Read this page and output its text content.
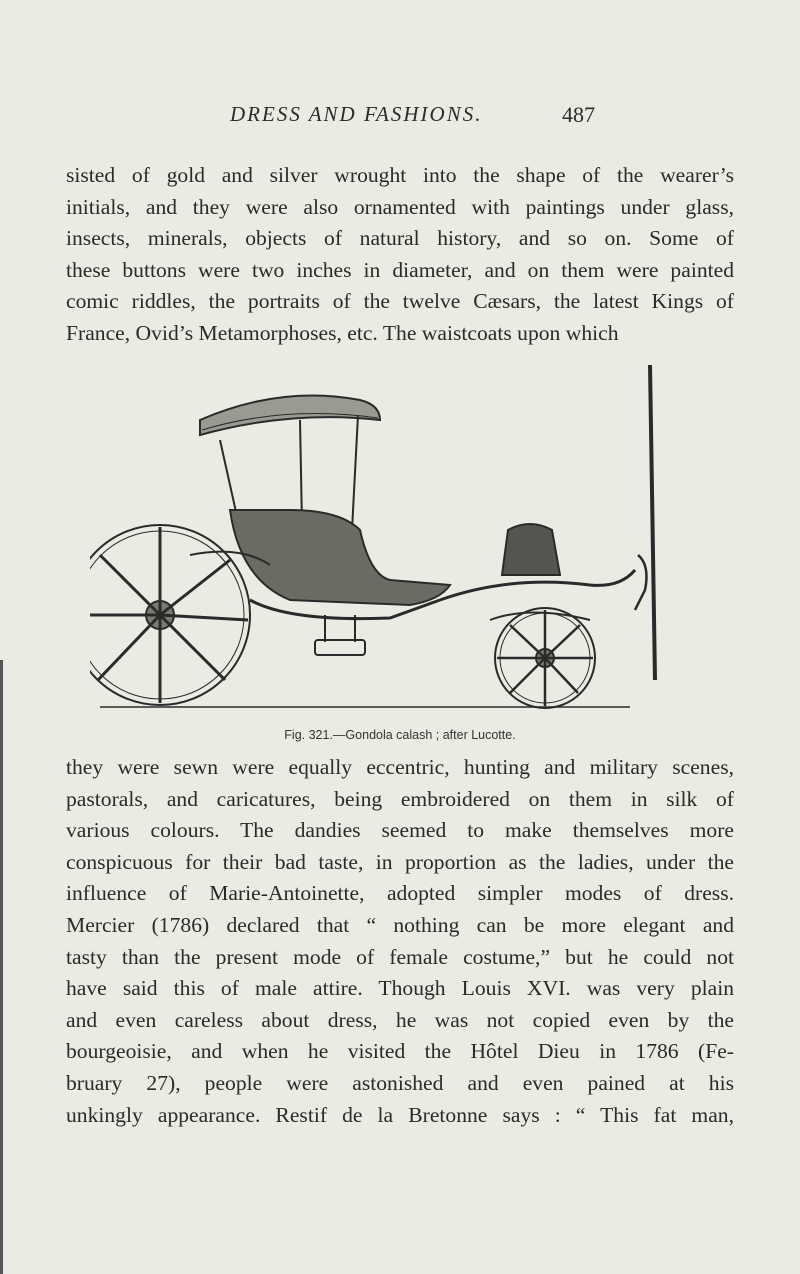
DRESS AND FASHIONS.	487

sisted of gold and silver wrought into the shape of the wearer’s
initials, and they were also ornamented with paintings under glass,
insects, minerals, objects of natural history, and so on. Some of
these buttons were two inches in diameter, and on them were painted
comic riddles, the portraits of the twelve Cæsars, the latest Kings of
France, Ovid’s Metamorphoses, etc. The waistcoats upon which

Fig. 321.—Gondola calash ; after Lucotte.

they were sewn were equally eccentric, hunting and military scenes,
pastorals, and caricatures, being embroidered on them in silk of
various colours. The dandies seemed to make themselves more
conspicuous for their bad taste, in proportion as the ladies, under the
influence of Marie-Antoinette, adopted simpler modes of dress.
Mercier (1786) declared that “ nothing can be more elegant and
tasty than the present mode of female costume,” but he could not
have said this of male attire. Though Louis XVI. was very plain
and even careless about dress, he was not copied even by the
bourgeoisie, and when he visited the Hôtel Dieu in 1786 (Fe-
bruary 27), people were astonished and even pained at his
unkingly appearance. Restif de la Bretonne says : “ This fat man,
